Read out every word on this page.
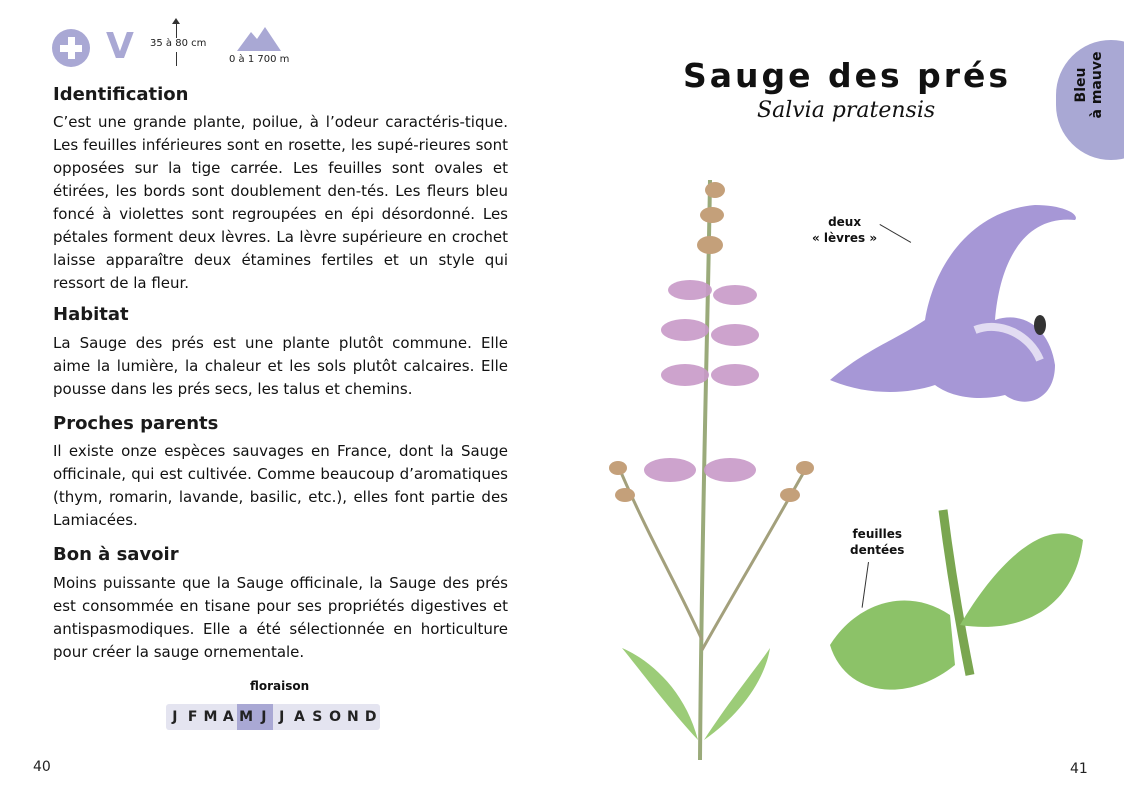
V 35 à 80 cm
0 à 1 700 m
Identification
C’est une grande plante, poilue, à l’odeur caractéris-tique. Les feuilles inférieures sont en rosette, les supé-rieures sont opposées sur la tige carrée. Les feuilles sont ovales et étirées, les bords sont doublement den-tés. Les fleurs bleu foncé à violettes sont regroupées en épi désordonné. Les pétales forment deux lèvres. La lèvre supérieure en crochet laisse apparaître deux étamines fertiles et un style qui ressort de la fleur.
Habitat
La Sauge des prés est une plante plutôt commune. Elle aime la lumière, la chaleur et les sols plutôt calcaires. Elle pousse dans les prés secs, les talus et chemins.
Proches parents
Il existe onze espèces sauvages en France, dont la Sauge officinale, qui est cultivée. Comme beaucoup d’aromatiques (thym, romarin, lavande, basilic, etc.), elles font partie des Lamiacées.
Bon à savoir
Moins puissante que la Sauge officinale, la Sauge des prés est consommée en tisane pour ses propriétés digestives et antispasmodiques. Elle a été sélectionnée en horticulture pour créer la sauge ornementale.
floraison
J F M A M J J A S O N D
40
Sauge des prés
Salvia pratensis
Bleu à mauve
deux
« lèvres »
feuilles
dentées
41
